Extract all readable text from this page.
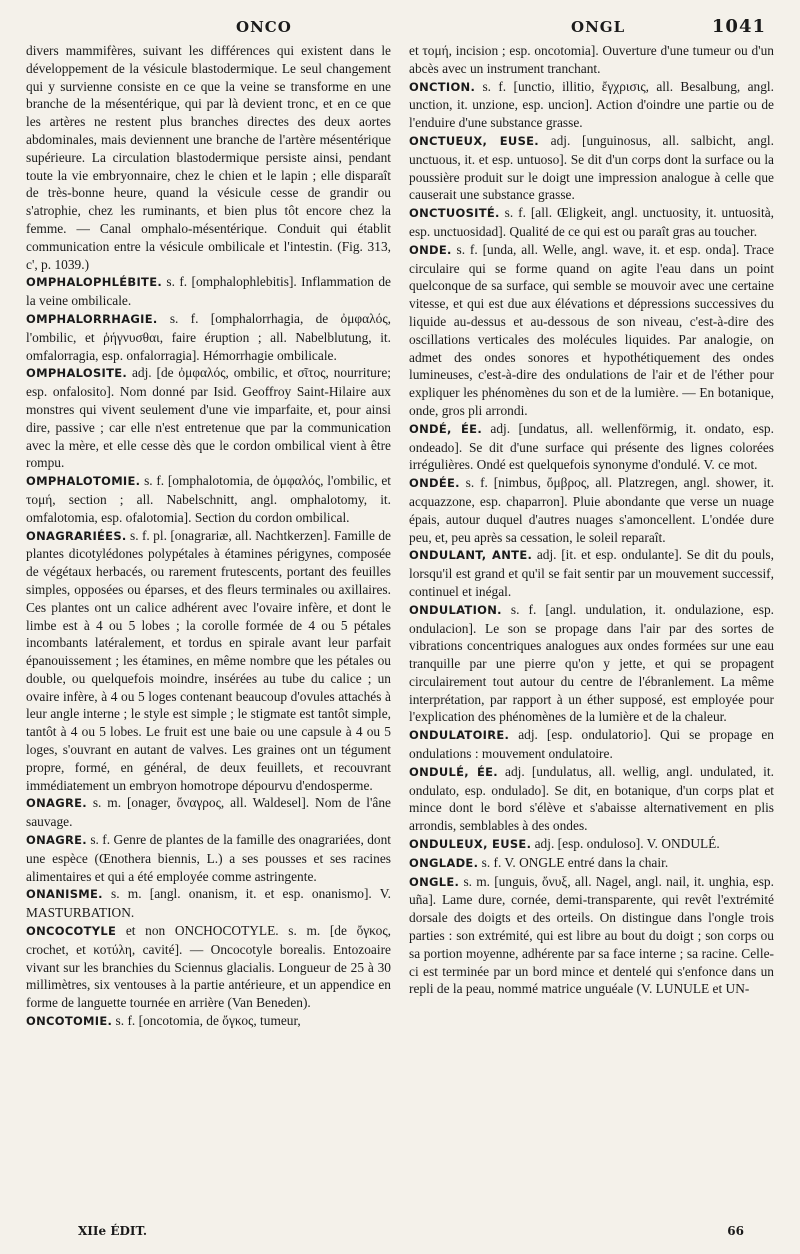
ONCO	ONGL	1041

divers mammifères, suivant les différences qui existent dans le développement de la vésicule blastodermique. Le seul changement qui y survienne consiste en ce que la veine se transforme en une branche de la mésentérique, qui par là devient tronc, et en ce que les artères ne restent plus branches directes des deux aortes abdominales, mais deviennent une branche de l'artère mésentérique supérieure. La circulation blastodermique persiste ainsi, pendant toute la vie embryonnaire, chez le chien et le lapin ; elle disparaît de très-bonne heure, quand la vésicule cesse de grandir ou s'atrophie, chez les ruminants, et bien plus tôt encore chez la femme. — Canal omphalo-mésentérique. Conduit qui établit communication entre la vésicule ombilicale et l'intestin. (Fig. 313, c', p. 1039.)

OMPHALOPHLÉBITE. s. f. [omphalophlebitis]. Inflammation de la veine ombilicale.

OMPHALORRHAGIE. s. f. [omphalorrhagia, de ὀμφαλός, l'ombilic, et ῥήγνυσθαι, faire éruption ; all. Nabelblutung, it. omfalorragia, esp. onfalorragia]. Hémorrhagie ombilicale.

OMPHALOSITE. adj. [de ὀμφαλός, ombilic, et σῖτος, nourriture; esp. onfalosito]. Nom donné par Isid. Geoffroy Saint-Hilaire aux monstres qui vivent seulement d'une vie imparfaite, et, pour ainsi dire, passive ; car elle n'est entretenue que par la communication avec la mère, et elle cesse dès que le cordon ombilical vient à être rompu.

OMPHALOTOMIE. s. f. [omphalotomia, de ὀμφαλός, l'ombilic, et τομή, section ; all. Nabelschnitt, angl. omphalotomy, it. omfalotomia, esp. ofalotomia]. Section du cordon ombilical.

ONAGRARIÉES. s. f. pl. [onagrariæ, all. Nachtkerzen]. Famille de plantes dicotylédones polypétales à étamines périgynes, composée de végétaux herbacés, ou rarement frutescents, portant des feuilles simples, opposées ou éparses, et des fleurs terminales ou axillaires. Ces plantes ont un calice adhérent avec l'ovaire infère, et dont le limbe est à 4 ou 5 lobes ; la corolle formée de 4 ou 5 pétales incombants latéralement, et tordus en spirale avant leur parfait épanouissement ; les étamines, en même nombre que les pétales ou double, ou quelquefois moindre, insérées au tube du calice ; un ovaire infère, à 4 ou 5 loges contenant beaucoup d'ovules attachés à leur angle interne ; le style est simple ; le stigmate est tantôt simple, tantôt à 4 ou 5 lobes. Le fruit est une baie ou une capsule à 4 ou 5 loges, s'ouvrant en autant de valves. Les graines ont un tégument propre, formé, en général, de deux feuillets, et recouvrant immédiatement un embryon homotrope dépourvu d'endosperme.

ONAGRE. s. m. [onager, ὄναγρος, all. Waldesel]. Nom de l'âne sauvage.

ONAGRE. s. f. Genre de plantes de la famille des onagrariées, dont une espèce (Œnothera biennis, L.) a ses pousses et ses racines alimentaires et qui a été employée comme astringente.

ONANISME. s. m. [angl. onanism, it. et esp. onanismo]. V. MASTURBATION.

ONCOCOTYLE et non ONCHOCOTYLE. s. m. [de ὄγκος, crochet, et κοτύλη, cavité]. — Oncocotyle borealis. Entozoaire vivant sur les branchies du Sciennus glacialis. Longueur de 25 à 30 millimètres, six ventouses à la partie antérieure, et un appendice en forme de languette tournée en arrière (Van Beneden).

ONCOTOMIE. s. f. [oncotomia, de ὄγκος, tumeur,

et τομή, incision ; esp. oncotomia]. Ouverture d'une tumeur ou d'un abcès avec un instrument tranchant.

ONCTION. s. f. [unctio, illitio, ἔγχρισις, all. Besalbung, angl. unction, it. unzione, esp. uncion]. Action d'oindre une partie ou de l'enduire d'une substance grasse.

ONCTUEUX, EUSE. adj. [unguinosus, all. salbicht, angl. unctuous, it. et esp. untuoso]. Se dit d'un corps dont la surface ou la poussière produit sur le doigt une impression analogue à celle que causerait une substance grasse.

ONCTUOSITÉ. s. f. [all. Œligkeit, angl. unctuosity, it. untuosità, esp. unctuosidad]. Qualité de ce qui est ou paraît gras au toucher.

ONDE. s. f. [unda, all. Welle, angl. wave, it. et esp. onda]. Trace circulaire qui se forme quand on agite l'eau dans un point quelconque de sa surface, qui semble se mouvoir avec une certaine vitesse, et qui est due aux élévations et dépressions successives du liquide au-dessus et au-dessous de son niveau, c'est-à-dire des oscillations verticales des molécules liquides. Par analogie, on admet des ondes sonores et hypothétiquement des ondes lumineuses, c'est-à-dire des ondulations de l'air et de l'éther pour expliquer les phénomènes du son et de la lumière. — En botanique, onde, gros pli arrondi.

ONDÉ, ÉE. adj. [undatus, all. wellenförmig, it. ondato, esp. ondeado]. Se dit d'une surface qui présente des lignes colorées irrégulières. Ondé est quelquefois synonyme d'ondulé. V. ce mot.

ONDÉE. s. f. [nimbus, ὄμβρος, all. Platzregen, angl. shower, it. acquazzone, esp. chaparron]. Pluie abondante que verse un nuage épais, autour duquel d'autres nuages s'amoncellent. L'ondée dure peu, et, peu après sa cessation, le soleil reparaît.

ONDULANT, ANTE. adj. [it. et esp. ondulante]. Se dit du pouls, lorsqu'il est grand et qu'il se fait sentir par un mouvement successif, continuel et inégal.

ONDULATION. s. f. [angl. undulation, it. ondulazione, esp. ondulacion]. Le son se propage dans l'air par des sortes de vibrations concentriques analogues aux ondes formées sur une eau tranquille par une pierre qu'on y jette, et qui se propagent circulairement tout autour du centre de l'ébranlement. La même interprétation, par rapport à un éther supposé, est employée pour l'explication des phénomènes de la lumière et de la chaleur.

ONDULATOIRE. adj. [esp. ondulatorio]. Qui se propage en ondulations : mouvement ondulatoire.

ONDULÉ, ÉE. adj. [undulatus, all. wellig, angl. undulated, it. ondulato, esp. ondulado]. Se dit, en botanique, d'un corps plat et mince dont le bord s'élève et s'abaisse alternativement en plis arrondis, semblables à des ondes.

ONDULEUX, EUSE. adj. [esp. onduloso]. V. ONDULÉ.

ONGLADE. s. f. V. ONGLE entré dans la chair.

ONGLE. s. m. [unguis, ὄνυξ, all. Nagel, angl. nail, it. unghia, esp. uña]. Lame dure, cornée, demi-transparente, qui revêt l'extrémité dorsale des doigts et des orteils. On distingue dans l'ongle trois parties : son extrémité, qui est libre au bout du doigt ; son corps ou sa portion moyenne, adhérente par sa face interne ; sa racine. Celle-ci est terminée par un bord mince et dentelé qui s'enfonce dans un repli de la peau, nommé matrice unguéale (V. LUNULE et UN-

XIIe ÉDIT.	66
